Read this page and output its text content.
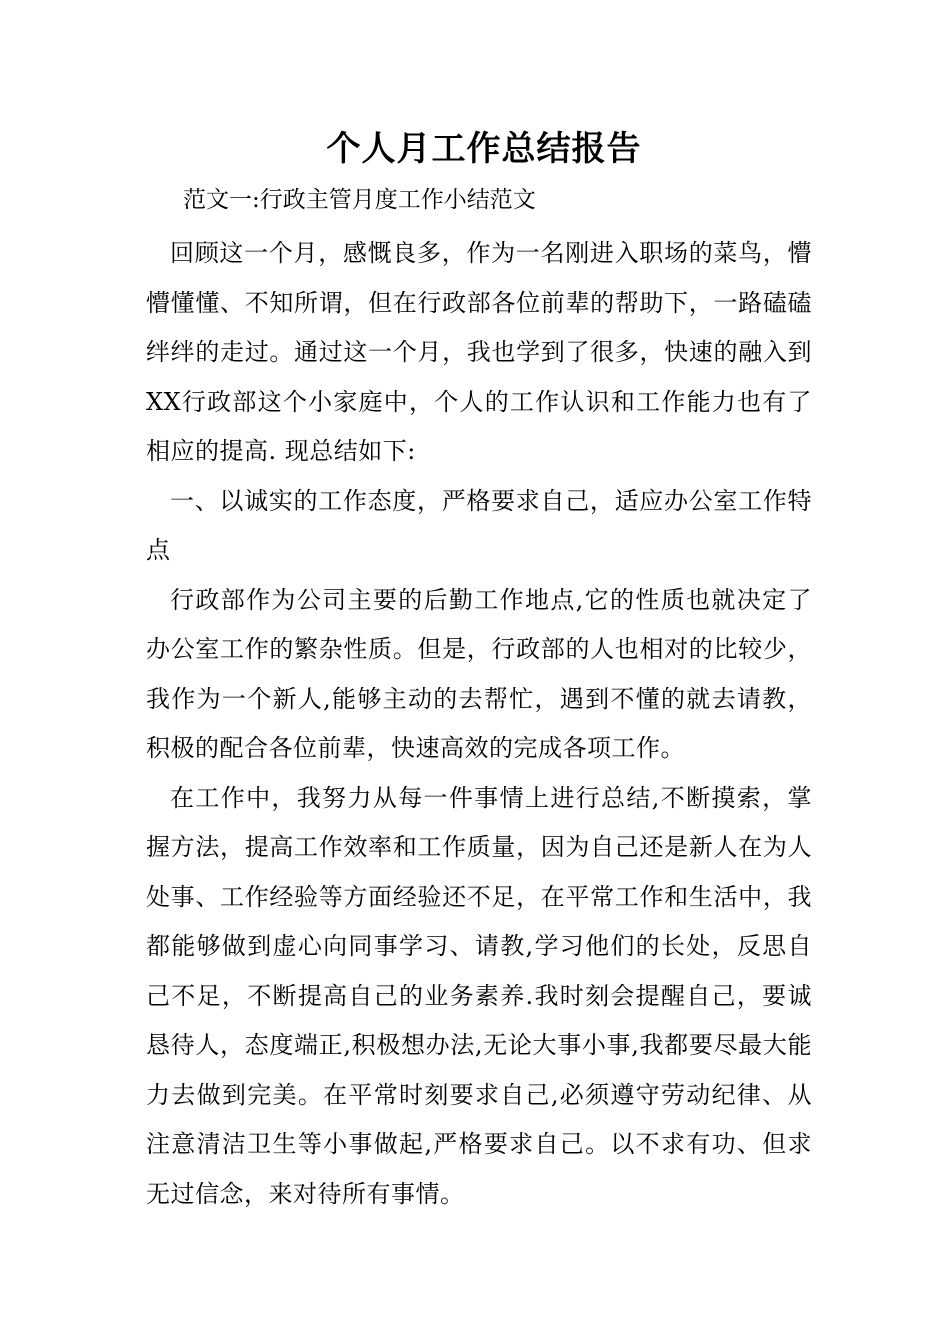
个人月工作总结报告

范文一:行政主管月度工作小结范文

回顾这一个月，感慨良多，作为一名刚进入职场的菜鸟，懵懵懂懂、不知所谓，但在行政部各位前辈的帮助下，一路磕磕绊绊的走过。通过这一个月，我也学到了很多，快速的融入到XX行政部这个小家庭中，个人的工作认识和工作能力也有了相应的提高. 现总结如下:

一、以诚实的工作态度，严格要求自己，适应办公室工作特点

行政部作为公司主要的后勤工作地点,它的性质也就决定了办公室工作的繁杂性质。但是，行政部的人也相对的比较少，我作为一个新人,能够主动的去帮忙，遇到不懂的就去请教，积极的配合各位前辈，快速高效的完成各项工作。

在工作中，我努力从每一件事情上进行总结,不断摸索，掌握方法，提高工作效率和工作质量，因为自己还是新人在为人处事、工作经验等方面经验还不足，在平常工作和生活中，我都能够做到虚心向同事学习、请教,学习他们的长处，反思自己不足，不断提高自己的业务素养.我时刻会提醒自己，要诚恳待人，态度端正,积极想办法,无论大事小事,我都要尽最大能力去做到完美。在平常时刻要求自己,必须遵守劳动纪律、从注意清洁卫生等小事做起,严格要求自己。以不求有功、但求无过信念，来对待所有事情。
